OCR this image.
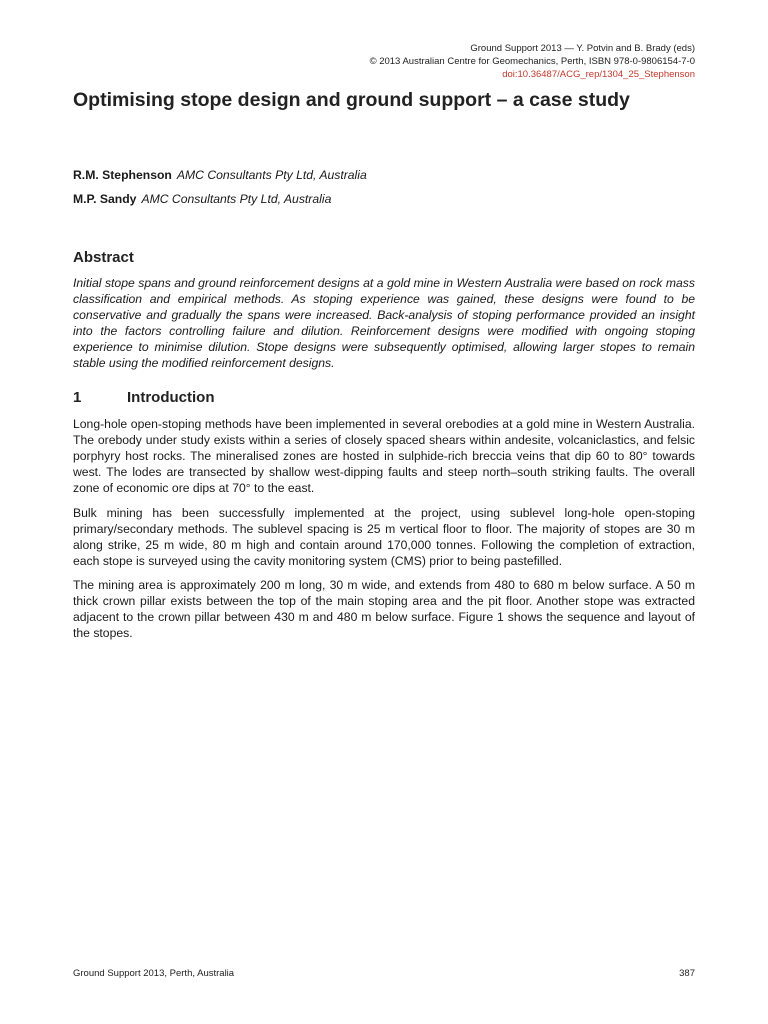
Ground Support 2013 — Y. Potvin and B. Brady (eds)
© 2013 Australian Centre for Geomechanics, Perth, ISBN 978-0-9806154-7-0
doi:10.36487/ACG_rep/1304_25_Stephenson
Optimising stope design and ground support – a case study
R.M. Stephenson AMC Consultants Pty Ltd, Australia
M.P. Sandy AMC Consultants Pty Ltd, Australia
Abstract

Initial stope spans and ground reinforcement designs at a gold mine in Western Australia were based on rock mass classification and empirical methods. As stoping experience was gained, these designs were found to be conservative and gradually the spans were increased. Back-analysis of stoping performance provided an insight into the factors controlling failure and dilution. Reinforcement designs were modified with ongoing stoping experience to minimise dilution. Stope designs were subsequently optimised, allowing larger stopes to remain stable using the modified reinforcement designs.

1	Introduction

Long-hole open-stoping methods have been implemented in several orebodies at a gold mine in Western Australia. The orebody under study exists within a series of closely spaced shears within andesite, volcaniclastics, and felsic porphyry host rocks. The mineralised zones are hosted in sulphide-rich breccia veins that dip 60 to 80° towards west. The lodes are transected by shallow west-dipping faults and steep north–south striking faults. The overall zone of economic ore dips at 70° to the east.

Bulk mining has been successfully implemented at the project, using sublevel long-hole open-stoping primary/secondary methods. The sublevel spacing is 25 m vertical floor to floor. The majority of stopes are 30 m along strike, 25 m wide, 80 m high and contain around 170,000 tonnes. Following the completion of extraction, each stope is surveyed using the cavity monitoring system (CMS) prior to being pastefilled.

The mining area is approximately 200 m long, 30 m wide, and extends from 480 to 680 m below surface. A 50 m thick crown pillar exists between the top of the main stoping area and the pit floor. Another stope was extracted adjacent to the crown pillar between 430 m and 480 m below surface. Figure 1 shows the sequence and layout of the stopes.

Ground Support 2013, Perth, Australia	387
